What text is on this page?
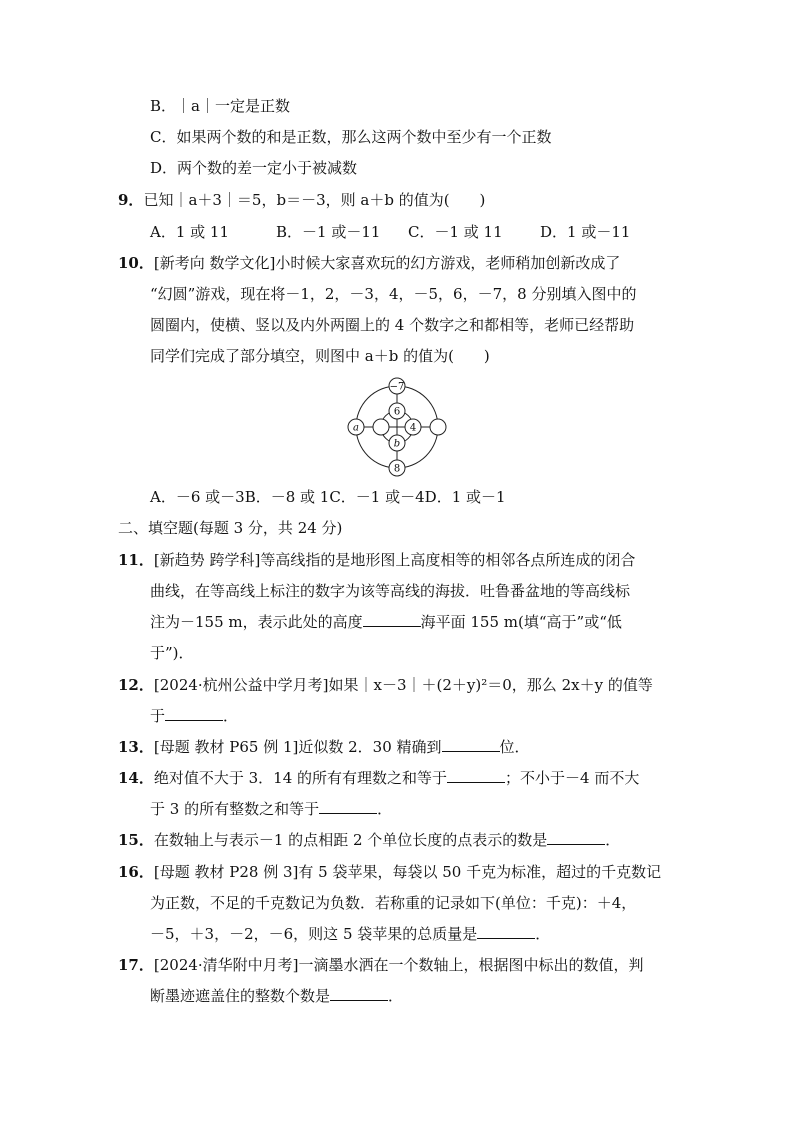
B．｜a｜一定是正数
C．如果两个数的和是正数，那么这两个数中至少有一个正数
D．两个数的差一定小于被减数
9．已知｜a＋3｜＝5，b＝－3，则 a＋b 的值为(　　)
A．1 或 11	B．－1 或－11 C．－1 或 11 D．1 或－11
10．[新考向 数学文化]小时候大家喜欢玩的幻方游戏，老师稍加创新改成了
“幻圆”游戏，现在将－1，2，－3，4，－5，6，－7，8 分别填入图中的
圆圈内，使横、竖以及内外两圈上的 4 个数字之和都相等，老师已经帮助
同学们完成了部分填空，则图中 a＋b 的值为(　　)
−7
6
4
b
a
8
A．－6 或－3B．－8 或 1C．－1 或－4D．1 或－1
二、填空题(每题 3 分，共 24 分)
11．[新趋势 跨学科]等高线指的是地形图上高度相等的相邻各点所连成的闭合
曲线，在等高线上标注的数字为该等高线的海拔．吐鲁番盆地的等高线标
注为－155 m，表示此处的高度	海平面 155 m(填“高于”或“低
于”)．
12．[2024·杭州公益中学月考]如果｜x－3｜＋(2＋y)²＝0，那么 2x＋y 的值等
于	．
13．[母题 教材 P65 例 1]近似数 2．30 精确到	位．
14．绝对值不大于 3．14 的所有有理数之和等于	；不小于－4 而不大
于 3 的所有整数之和等于	．
15．在数轴上与表示－1 的点相距 2 个单位长度的点表示的数是	．
16．[母题 教材 P28 例 3]有 5 袋苹果，每袋以 50 千克为标准，超过的千克数记
为正数，不足的千克数记为负数．若称重的记录如下(单位：千克)：＋4，
－5，＋3，－2，－6，则这 5 袋苹果的总质量是	．
17．[2024·清华附中月考]一滴墨水洒在一个数轴上，根据图中标出的数值，判
断墨迹遮盖住的整数个数是	．
